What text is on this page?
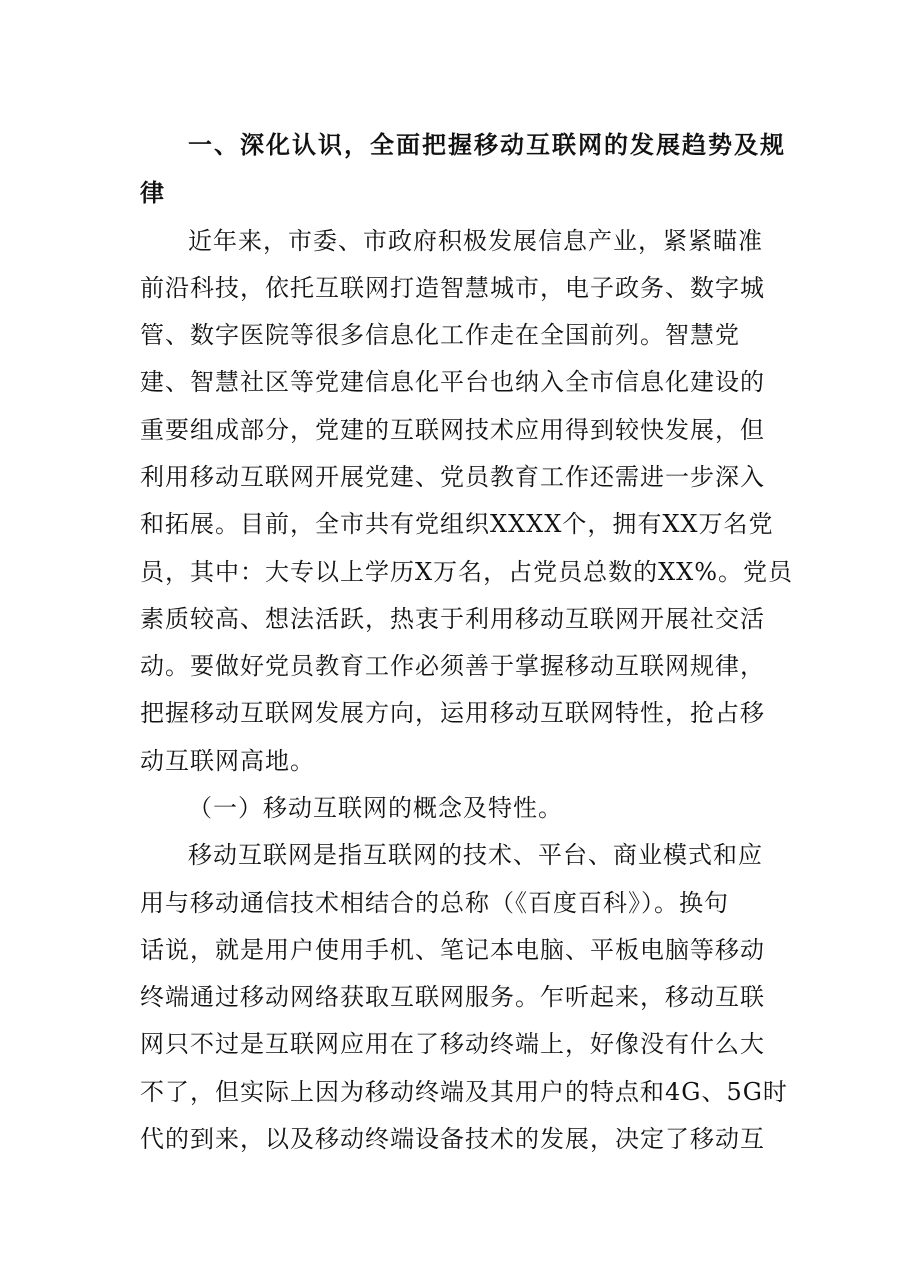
一、深化认识，全面把握移动互联网的发展趋势及规
律
近年来，市委、市政府积极发展信息产业，紧紧瞄准
前沿科技，依托互联网打造智慧城市，电子政务、数字城
管、数字医院等很多信息化工作走在全国前列。智慧党
建、智慧社区等党建信息化平台也纳入全市信息化建设的
重要组成部分，党建的互联网技术应用得到较快发展，但
利用移动互联网开展党建、党员教育工作还需进一步深入
和拓展。目前，全市共有党组织XXXX个，拥有XX万名党
员，其中：大专以上学历X万名，占党员总数的XX%。党员
素质较高、想法活跃，热衷于利用移动互联网开展社交活
动。要做好党员教育工作必须善于掌握移动互联网规律，
把握移动互联网发展方向，运用移动互联网特性，抢占移
动互联网高地。
（一）移动互联网的概念及特性。
移动互联网是指互联网的技术、平台、商业模式和应
用与移动通信技术相结合的总称（《百度百科》）。换句
话说，就是用户使用手机、笔记本电脑、平板电脑等移动
终端通过移动网络获取互联网服务。乍听起来，移动互联
网只不过是互联网应用在了移动终端上，好像没有什么大
不了，但实际上因为移动终端及其用户的特点和4G、5G时
代的到来，以及移动终端设备技术的发展，决定了移动互
